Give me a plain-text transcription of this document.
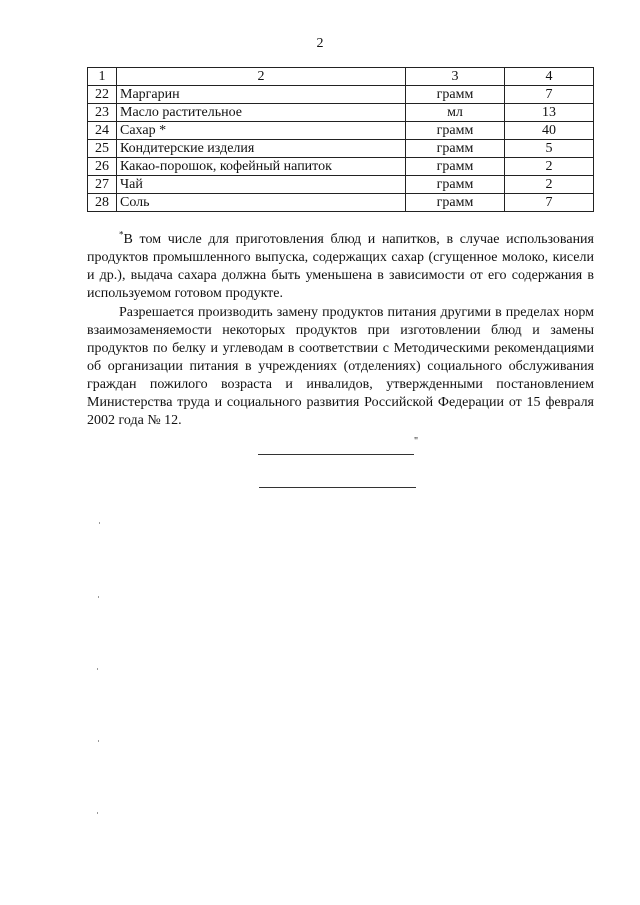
2
1	2	3	4
22	Маргарин	грамм	7
23	Масло растительное	мл	13
24	Сахар *	грамм	40
25	Кондитерские изделия	грамм	5
26	Какао-порошок, кофейный напиток	грамм	2
27	Чай	грамм	2
28	Соль	грамм	7

*В том числе для приготовления блюд и напитков, в случае использования продуктов промышленного выпуска, содержащих сахар (сгущенное молоко, кисели и др.), выдача сахара должна быть уменьшена в зависимости от его содержания в используемом готовом продукте.

Разрешается производить замену продуктов питания другими в пределах норм взаимозаменяемости некоторых продуктов при изготовлении блюд и замены продуктов по белку и углеводам в соответствии с Методическими рекомендациями об организации питания в учреждениях (отделениях) социального обслуживания граждан пожилого возраста и инвалидов, утвержденными постановлением Министерства труда и социального развития Российской Федерации от 15 февраля 2002 года № 12.

"
